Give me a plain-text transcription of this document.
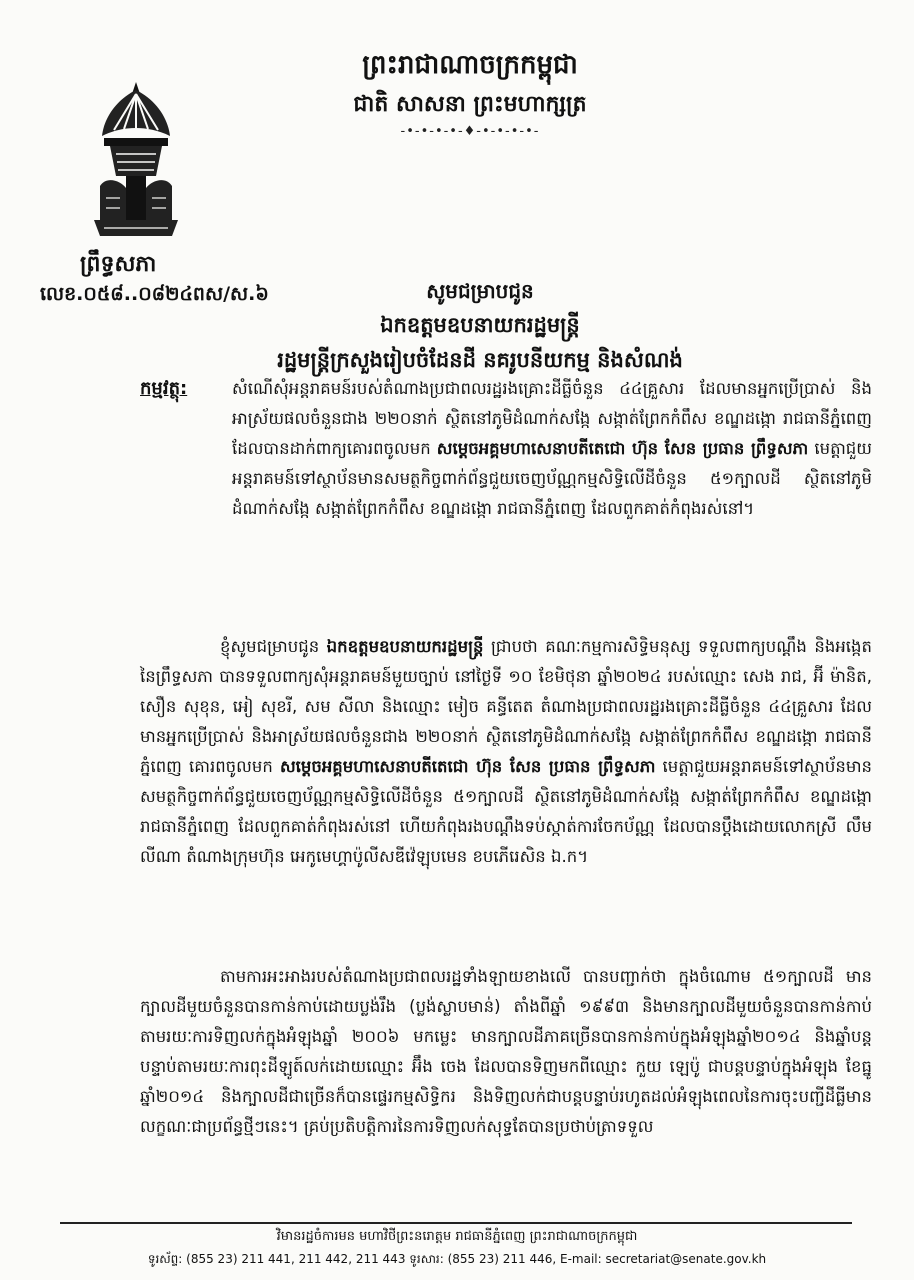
ព្រះរាជាណាចក្រកម្ពុជា
ជាតិ សាសនា ព្រះមហាក្សត្រ
-•-•-•-•-♦-•-•-•-•-
ព្រឹទ្ធសភា
លេខ.០៥៨..០៨២៤ពស/ស.៦	សូមជម្រាបជូន
ឯកឧត្តមឧបនាយករដ្ឋមន្ត្រី
រដ្ឋមន្ត្រីក្រសួងរៀបចំដែនដី នគរូបនីយកម្ម និងសំណង់
កម្មវត្ថុ:	សំណើសុំអន្តរាគមន៍របស់តំណាងប្រជាពលរដ្ឋរងគ្រោះដីធ្លីចំនួន ៤៤គ្រួសារ ដែលមានអ្នកប្រើប្រាស់ និងអាស្រ័យផលចំនួនជាង ២២០នាក់ ស្ថិតនៅភូមិដំណាក់សង្កែ សង្កាត់ព្រែកកំពឹស ខណ្ឌដង្កោ រាជធានីភ្នំពេញ ដែលបានដាក់ពាក្យគោរពចូលមក សម្តេចអគ្គមហាសេនាបតីតេជោ ហ៊ុន សែន ប្រធាន ព្រឹទ្ធសភា មេត្តាជួយអន្តរាគមន៍ទៅស្ថាប័នមានសមត្ថកិច្ចពាក់ព័ន្ធជួយចេញប័ណ្ណកម្មសិទ្ធិលើដីចំនួន ៥១ក្បាលដី ស្ថិតនៅភូមិដំណាក់សង្កែ សង្កាត់ព្រែកកំពឹស ខណ្ឌដង្កោ រាជធានីភ្នំពេញ ដែលពួកគាត់កំពុងរស់នៅ។
ខ្ញុំសូមជម្រាបជូន ឯកឧត្តមឧបនាយករដ្ឋមន្ត្រី ជ្រាបថា គណៈកម្មការសិទ្ធិមនុស្ស ទទួលពាក្យបណ្តឹង និងអង្កេត នៃព្រឹទ្ធសភា បានទទួលពាក្យសុំអន្តរាគមន៍មួយច្បាប់ នៅថ្ងៃទី ១០ ខែមិថុនា ឆ្នាំ២០២៤ របស់ឈ្មោះ សេង រាជ, អ៊ី ម៉ានិត, សឿន សុខុន, អៀ សុខរី, សម សីលា និងឈ្មោះ មៀច គន្ធីតេត តំណាងប្រជាពលរដ្ឋរងគ្រោះដីធ្លីចំនួន ៤៤គ្រួសារ ដែលមានអ្នកប្រើប្រាស់ និងអាស្រ័យផលចំនួនជាង ២២០នាក់ ស្ថិតនៅភូមិដំណាក់សង្កែ សង្កាត់ព្រែកកំពឹស ខណ្ឌដង្កោ រាជធានីភ្នំពេញ គោរពចូលមក សម្តេចអគ្គមហាសេនាបតីតេជោ ហ៊ុន សែន ប្រធាន ព្រឹទ្ធសភា មេត្តាជួយអន្តរាគមន៍ទៅស្ថាប័នមានសមត្ថកិច្ចពាក់ព័ន្ធជួយចេញប័ណ្ណកម្មសិទ្ធិលើដីចំនួន ៥១ក្បាលដី ស្ថិតនៅភូមិដំណាក់សង្កែ សង្កាត់ព្រែកកំពឹស ខណ្ឌដង្កោ រាជធានីភ្នំពេញ ដែលពួកគាត់កំពុងរស់នៅ ហើយកំពុងរងបណ្តឹងទប់ស្កាត់ការចែកប័ណ្ណ ដែលបានប្តឹងដោយលោកស្រី លឹម លីណា តំណាងក្រុមហ៊ុន អេកូមេហ្គាប៉ូលីសឌីវ៉េឡុបមេន ខបភើរេសិន ឯ.ក។
តាមការអះអាងរបស់តំណាងប្រជាពលរដ្ឋទាំងឡាយខាងលើ បានបញ្ជាក់ថា ក្នុងចំណោម ៥១ក្បាលដី មានក្បាលដីមួយចំនួនបានកាន់កាប់ដោយប្លង់រឹង (ប្លង់ស្លាបមាន់) តាំងពីឆ្នាំ ១៩៩៣ និងមានក្បាលដីមួយចំនួនបានកាន់កាប់តាមរយៈការទិញលក់ក្នុងអំឡុងឆ្នាំ ២០០៦ មកម្លេះ មានក្បាលដីភាគច្រើនបានកាន់កាប់ក្នុងអំឡុងឆ្នាំ២០១៤ និងឆ្នាំបន្តបន្ទាប់តាមរយៈការពុះដីឡូត៍លក់ដោយឈ្មោះ អ៊ឹង ចេង ដែលបានទិញមកពីឈ្មោះ កួយ ឡេប៉ូ ជាបន្តបន្ទាប់ក្នុងអំឡុង ខែធ្នូ ឆ្នាំ២០១៤ និងក្បាលដីជាច្រើនក៏បានផ្ទេរកម្មសិទ្ធិករ និងទិញលក់ជាបន្តបន្ទាប់រហូតដល់អំឡុងពេលនៃការចុះបញ្ជីដីធ្លីមានលក្ខណៈជាប្រព័ន្ធថ្មីៗនេះ។ គ្រប់ប្រតិបត្តិការនៃការទិញលក់សុទ្ធតែបានប្រថាប់ត្រាទទួល
វិមានរដ្ឋចំការមន មហាវិថីព្រះនរោត្តម រាជធានីភ្នំពេញ ព្រះរាជាណាចក្រកម្ពុជា
ទូរស័ព្ទ: (855 23) 211 441, 211 442, 211 443 ទូរសារ: (855 23) 211 446, E-mail: secretariat@senate.gov.kh
